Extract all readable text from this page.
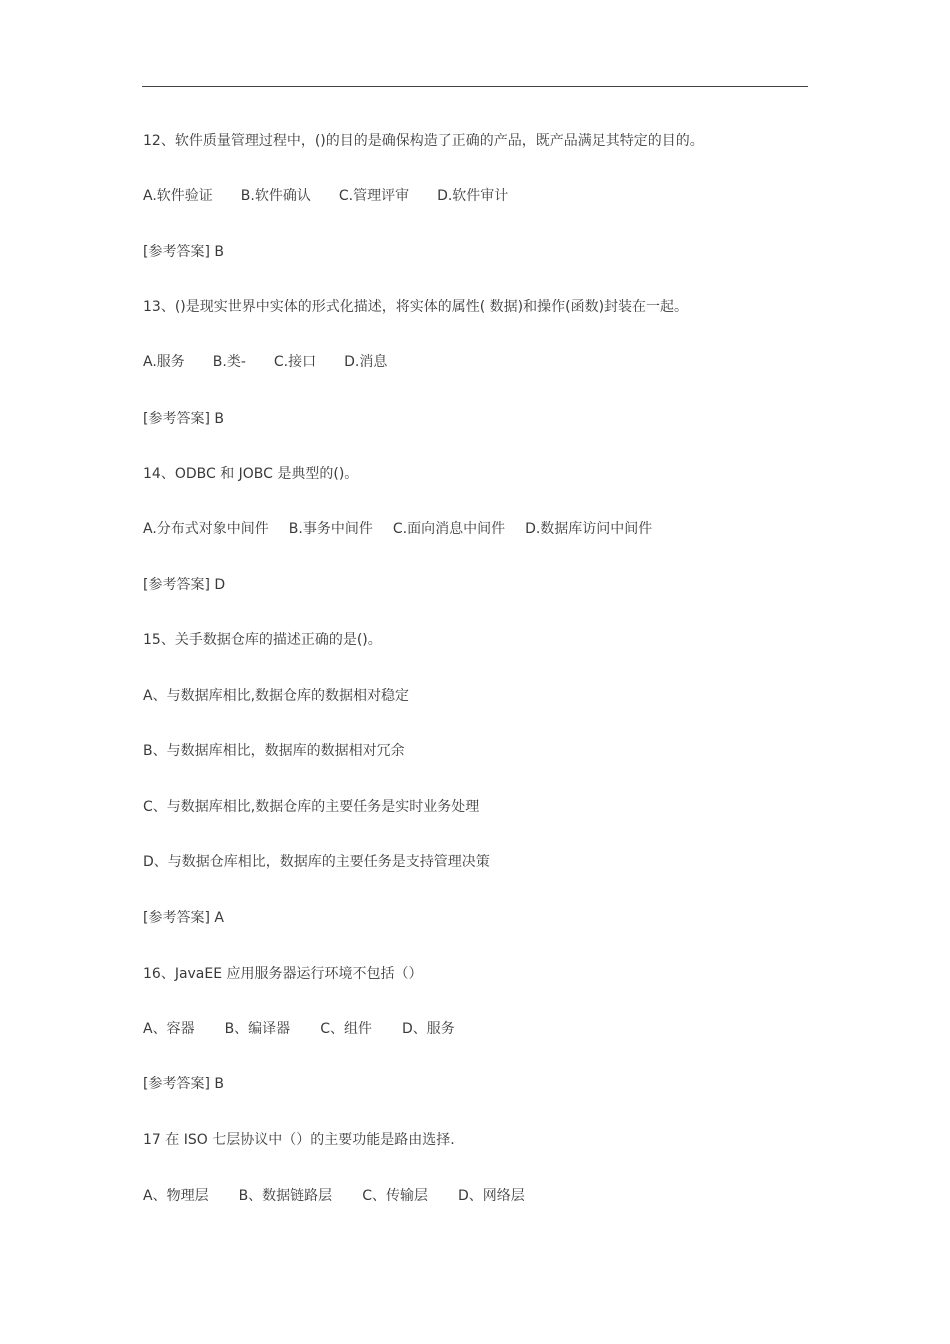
12、软件质量管理过程中，()的目的是确保构造了正确的产品，既产品满足其特定的目的。
A.软件验证 B.软件确认 C.管理评审 D.软件审计
[参考答案] B
13、()是现实世界中实体的形式化描述，将实体的属性( 数据)和操作(函数)封装在一起。
A.服务 B.类- C.接口 D.消息
[参考答案] B
14、ODBC 和 JOBC 是典型的()。
A.分布式对象中间件 B.事务中间件 C.面向消息中间件 D.数据库访问中间件
[参考答案] D
15、关手数据仓库的描述正确的是()。
A、与数据库相比,数据仓库的数据相对稳定
B、与数据库相比，数据库的数据相对冗余
C、与数据库相比,数据仓库的主要任务是实时业务处理
D、与数据仓库相比，数据库的主要任务是支持管理决策
[参考答案] A
16、JavaEE 应用服务器运行环境不包括（）
A、容器 B、编译器 C、组件 D、服务
[参考答案] B
17 在 ISO 七层协议中（）的主要功能是路由选择.
A、物理层 B、数据链路层 C、传输层 D、网络层
